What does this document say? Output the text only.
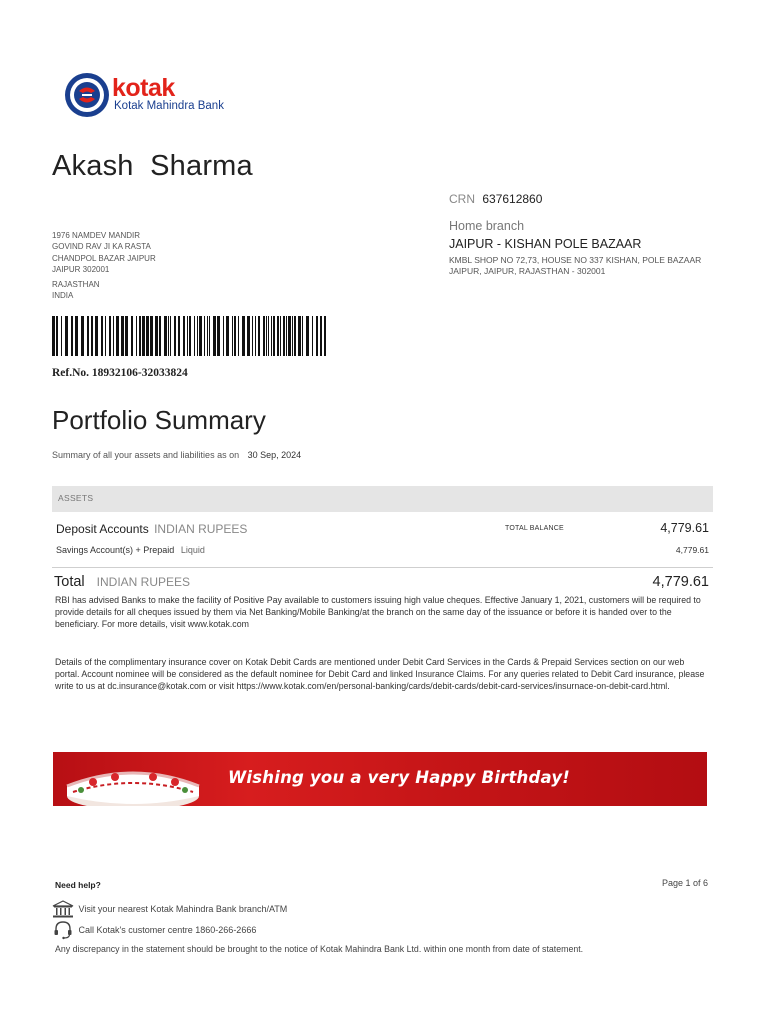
kotak
Kotak Mahindra Bank
Akash  Sharma
CRN 637612860
Home branch
JAIPUR - KISHAN POLE BAZAAR
KMBL SHOP NO 72,73, HOUSE NO 337 KISHAN, POLE BAZAAR
JAIPUR, JAIPUR, RAJASTHAN - 302001
1976 NAMDEV MANDIR
GOVIND RAV JI KA RASTA
CHANDPOL BAZAR JAIPUR
JAIPUR 302001
RAJASTHAN
INDIA
Ref.No. 18932106-32033824
Portfolio Summary
Summary of all your assets and liabilities as on 30 Sep, 2024
ASSETS
Deposit Accounts INDIAN RUPEES	TOTAL BALANCE	4,779.61
Savings Account(s) + Prepaid Liquid	4,779.61
Total INDIAN RUPEES	4,779.61
RBI has advised Banks to make the facility of Positive Pay available to customers issuing high value cheques. Effective January 1, 2021, customers will be required to provide details for all cheques issued by them via Net Banking/Mobile Banking/at the branch on the same day of the issuance or before it is handed over to the beneficiary. For more details, visit www.kotak.com
Details of the complimentary insurance cover on Kotak Debit Cards are mentioned under Debit Card Services in the Cards & Prepaid Services section on our web portal. Account nominee will be considered as the default nominee for Debit Card and linked Insurance Claims. For any queries related to Debit Card insurance, please write to us at dc.insurance@kotak.com or visit https://www.kotak.com/en/personal-banking/cards/debit-cards/debit-card-services/insurnace-on-debit-card.html.
Wishing you a very Happy Birthday!
Need help?	Page 1 of 6
Visit your nearest Kotak Mahindra Bank branch/ATM
Call Kotak's customer centre 1860-266-2666
Any discrepancy in the statement should be brought to the notice of Kotak Mahindra Bank Ltd. within one month from date of statement.
